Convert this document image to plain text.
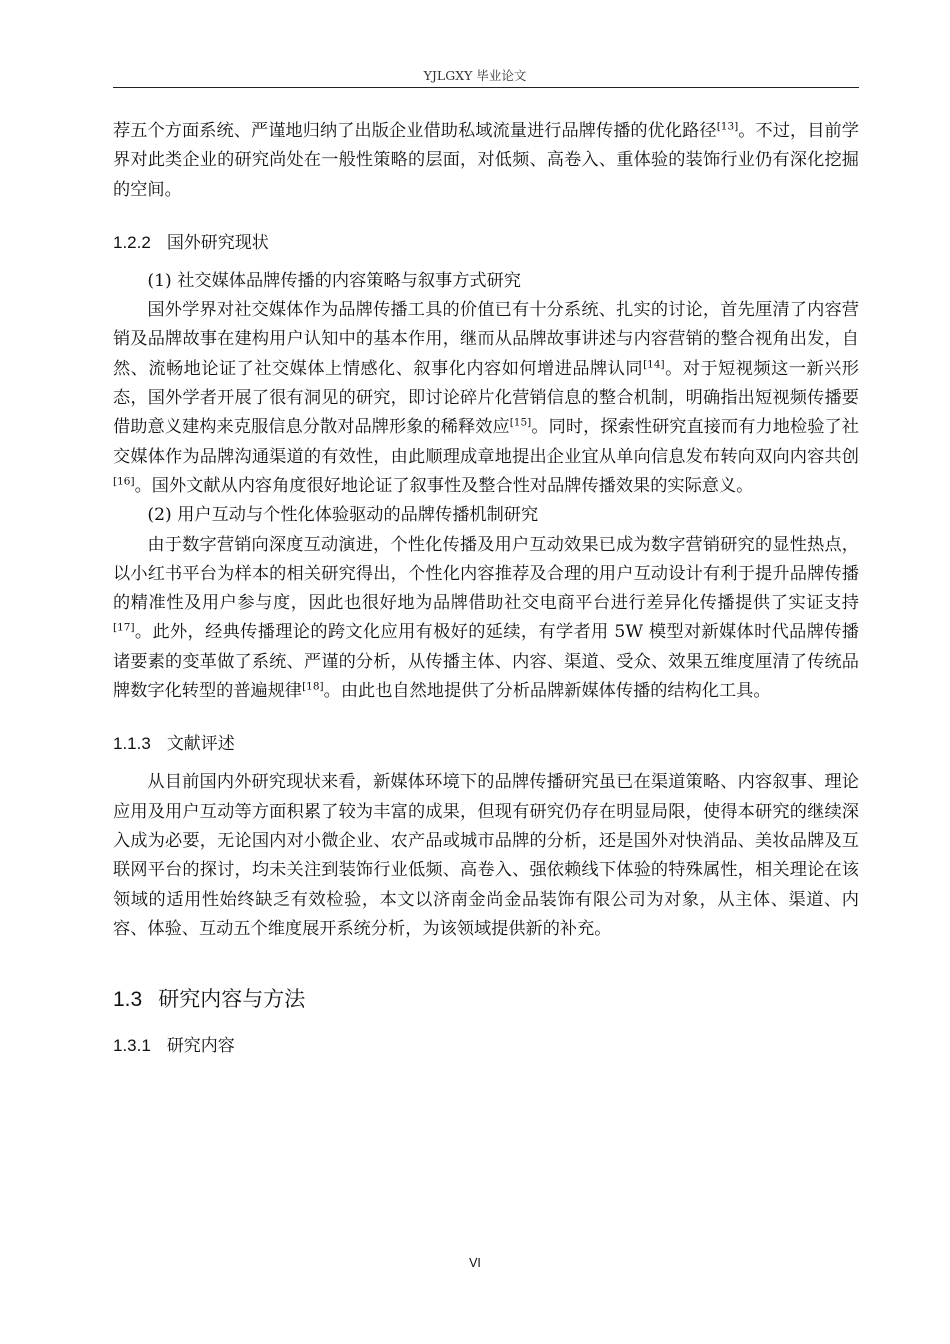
YJLGXY 毕业论文

荐五个方面系统、严谨地归纳了出版企业借助私域流量进行品牌传播的优化路径[13]。不过，目前学界对此类企业的研究尚处在一般性策略的层面，对低频、高卷入、重体验的装饰行业仍有深化挖掘的空间。

1.2.2 国外研究现状

(1) 社交媒体品牌传播的内容策略与叙事方式研究

国外学界对社交媒体作为品牌传播工具的价值已有十分系统、扎实的讨论，首先厘清了内容营销及品牌故事在建构用户认知中的基本作用，继而从品牌故事讲述与内容营销的整合视角出发，自然、流畅地论证了社交媒体上情感化、叙事化内容如何增进品牌认同[14]。对于短视频这一新兴形态，国外学者开展了很有洞见的研究，即讨论碎片化营销信息的整合机制，明确指出短视频传播要借助意义建构来克服信息分散对品牌形象的稀释效应[15]。同时，探索性研究直接而有力地检验了社交媒体作为品牌沟通渠道的有效性，由此顺理成章地提出企业宜从单向信息发布转向双向内容共创[16]。国外文献从内容角度很好地论证了叙事性及整合性对品牌传播效果的实际意义。

(2) 用户互动与个性化体验驱动的品牌传播机制研究

由于数字营销向深度互动演进，个性化传播及用户互动效果已成为数字营销研究的显性热点，以小红书平台为样本的相关研究得出，个性化内容推荐及合理的用户互动设计有利于提升品牌传播的精准性及用户参与度，因此也很好地为品牌借助社交电商平台进行差异化传播提供了实证支持[17]。此外，经典传播理论的跨文化应用有极好的延续，有学者用 5W 模型对新媒体时代品牌传播诸要素的变革做了系统、严谨的分析，从传播主体、内容、渠道、受众、效果五维度厘清了传统品牌数字化转型的普遍规律[18]。由此也自然地提供了分析品牌新媒体传播的结构化工具。

1.1.3 文献评述

从目前国内外研究现状来看，新媒体环境下的品牌传播研究虽已在渠道策略、内容叙事、理论应用及用户互动等方面积累了较为丰富的成果，但现有研究仍存在明显局限，使得本研究的继续深入成为必要，无论国内对小微企业、农产品或城市品牌的分析，还是国外对快消品、美妆品牌及互联网平台的探讨，均未关注到装饰行业低频、高卷入、强依赖线下体验的特殊属性，相关理论在该领域的适用性始终缺乏有效检验，本文以济南金尚金品装饰有限公司为对象，从主体、渠道、内容、体验、互动五个维度展开系统分析，为该领域提供新的补充。

1.3 研究内容与方法
1.3.1 研究内容
VI
